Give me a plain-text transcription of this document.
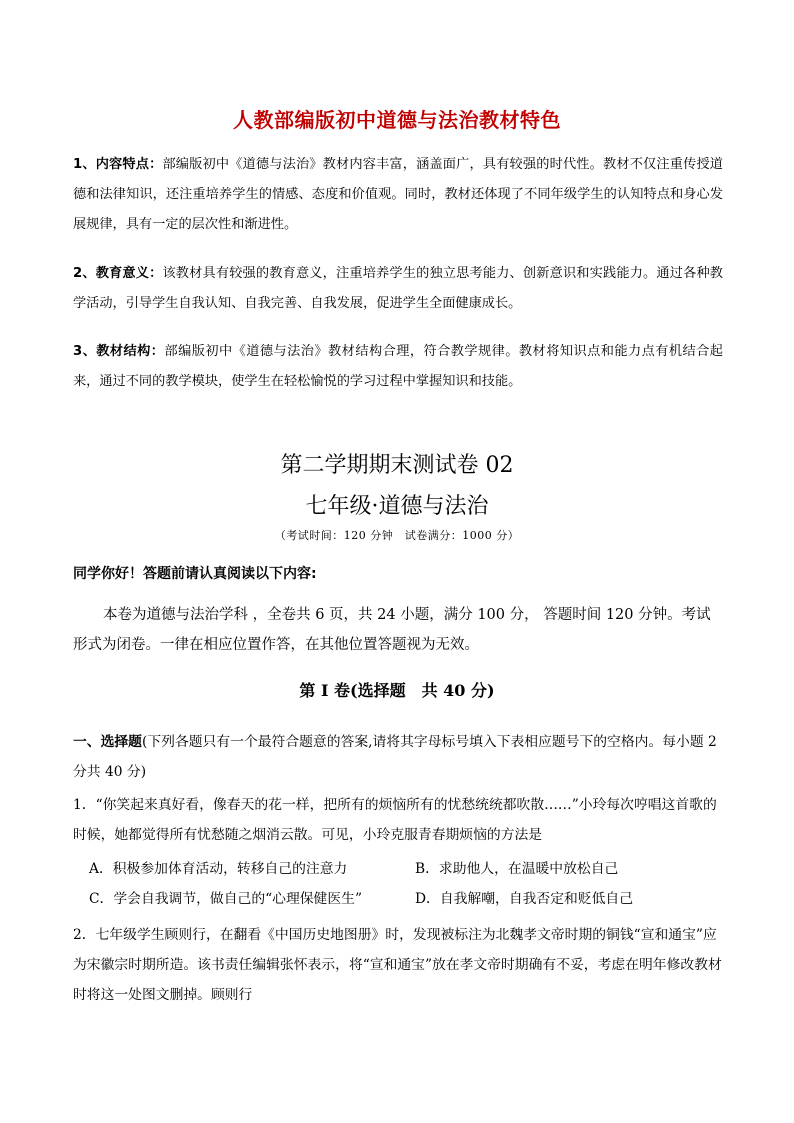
人教部编版初中道德与法治教材特色
1、内容特点：部编版初中《道德与法治》教材内容丰富，涵盖面广，具有较强的时代性。教材不仅注重传授道德和法律知识，还注重培养学生的情感、态度和价值观。同时，教材还体现了不同年级学生的认知特点和身心发展规律，具有一定的层次性和渐进性。
2、教育意义：该教材具有较强的教育意义，注重培养学生的独立思考能力、创新意识和实践能力。通过各种教学活动，引导学生自我认知、自我完善、自我发展，促进学生全面健康成长。
3、教材结构：部编版初中《道德与法治》教材结构合理，符合教学规律。教材将知识点和能力点有机结合起来，通过不同的教学模块，使学生在轻松愉悦的学习过程中掌握知识和技能。
第二学期期末测试卷 02
七年级·道德与法治
（考试时间：120 分钟　试卷满分：1000 分）
同学你好！答题前请认真阅读以下内容:
本卷为道德与法治学科 ，全卷共 6 页，共 24 小题，满分 100 分， 答题时间 120 分钟。考试形式为闭卷。一律在相应位置作答，在其他位置答题视为无效。
第 I 卷(选择题　共 40 分)
一、选择题(下列各题只有一个最符合题意的答案,请将其字母标号填入下表相应题号下的空格内。每小题 2 分共 40 分)
1．“你笑起来真好看，像春天的花一样，把所有的烦恼所有的忧愁统统都吹散……”小玲每次哼唱这首歌的时候，她都觉得所有忧愁随之烟消云散。可见，小玲克服青春期烦恼的方法是
A．积极参加体育活动，转移自己的注意力	B．求助他人，在温暖中放松自己
C．学会自我调节，做自己的“心理保健医生”	D．自我解嘲，自我否定和贬低自己
2．七年级学生顾则行，在翻看《中国历史地图册》时，发现被标注为北魏孝文帝时期的铜钱“宣和通宝”应为宋徽宗时期所造。该书责任编辑张怀表示，将“宣和通宝”放在孝文帝时期确有不妥，考虑在明年修改教材时将这一处图文删掉。顾则行
